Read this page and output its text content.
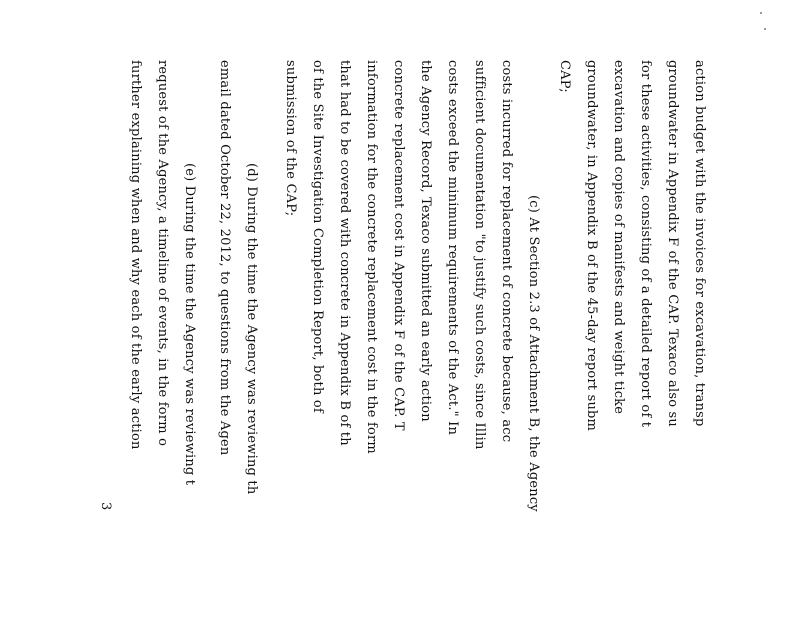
action budget with the invoices for excavation, transp
groundwater in Appendix F of the CAP. Texaco also su
for these activities, consisting of a detailed report of t
excavation and copies of manifests and weight ticke
groundwater, in Appendix B of the 45-day report subm
CAP;
(c) At Section 2.3 of Attachment B, the Agency
costs incurred for replacement of concrete because, acc
sufficient documentation "to justify such costs, since Illin
costs exceed the minimum requirements of the Act." In
the Agency Record, Texaco submitted an early action
concrete replacement cost in Appendix F of the CAP. T
information for the concrete replacement cost in the form
that had to be covered with concrete in Appendix B of th
of the Site Investigation Completion Report, both of
submission of the CAP;
(d) During the time the Agency was reviewing th
email dated October 22, 2012, to questions from the Agen
(e) During the time the Agency was reviewing t
request of the Agency, a timeline of events, in the form o
further explaining when and why each of the early action
3
